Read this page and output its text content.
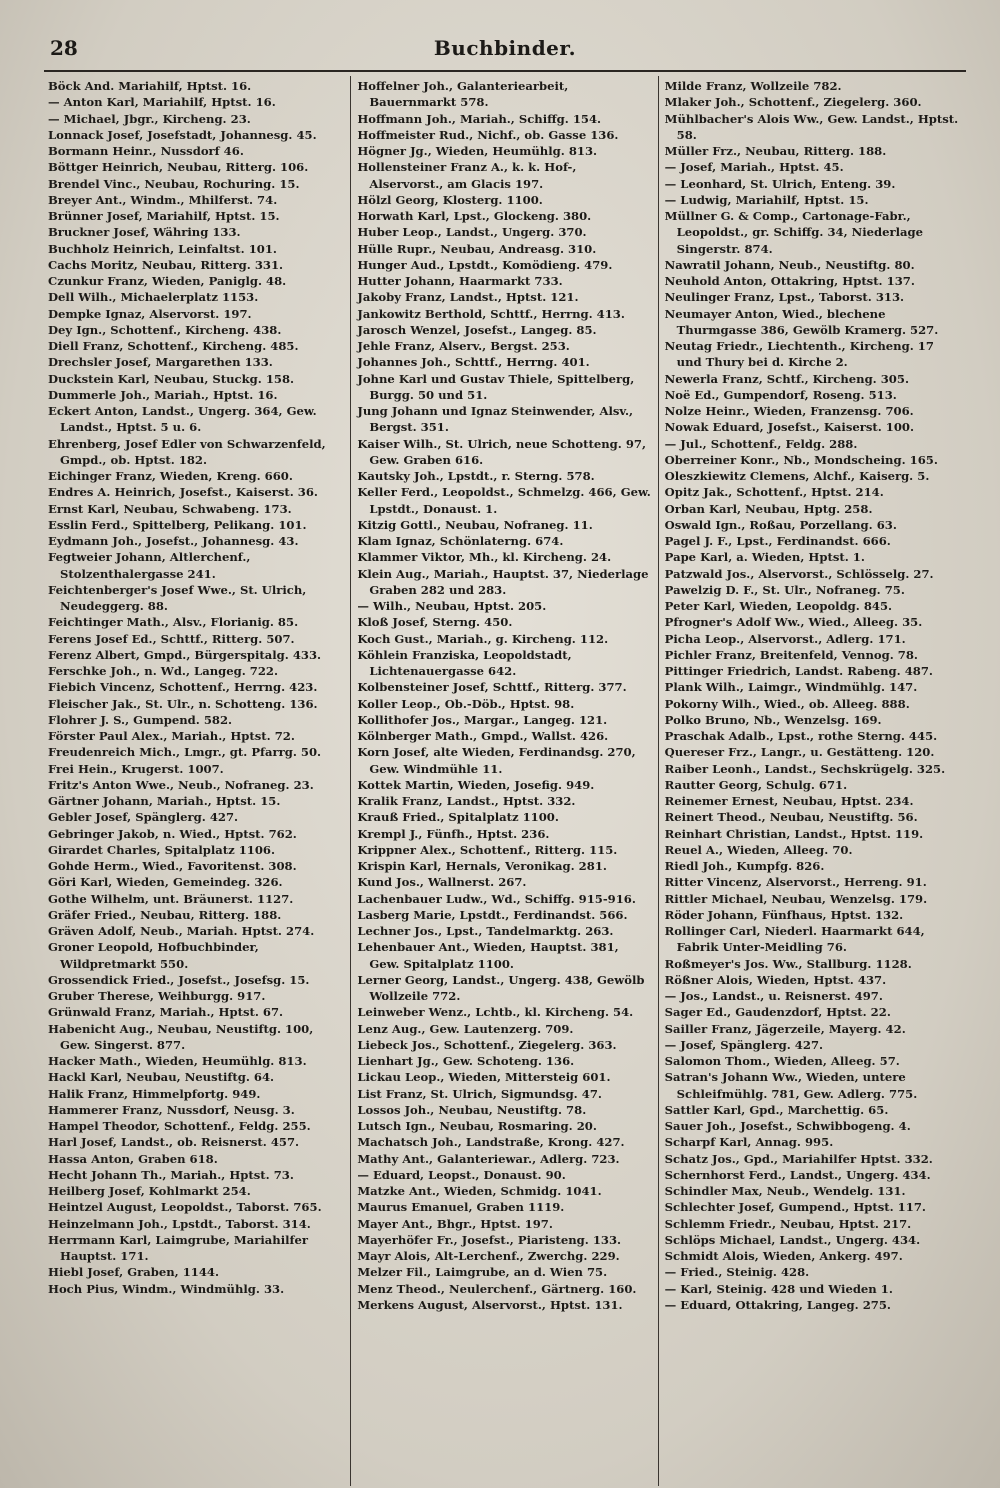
28	Buchbinder.
Böck And. Mariahilf, Hptst. 16.
— Anton Karl, Mariahilf, Hptst. 16.
— Michael, Jbgr., Kircheng. 23.
Lonnack Josef, Josefstadt, Johannesg. 45.
Bormann Heinr., Nussdorf 46.
Böttger Heinrich, Neubau, Ritterg. 106.
Brendel Vinc., Neubau, Rochuring. 15.
Breyer Ant., Windm., Mhilferst. 74.
Brünner Josef, Mariahilf, Hptst. 15.
Bruckner Josef, Währing 133.
Buchholz Heinrich, Leinfaltst. 101.
Cachs Moritz, Neubau, Ritterg. 331.
Czunkur Franz, Wieden, Paniglg. 48.
Dell Wilh., Michaelerplatz 1153.
Dempke Ignaz, Alservorst. 197.
Dey Ign., Schottenf., Kircheng. 438.
Diell Franz, Schottenf., Kircheng. 485.
Drechsler Josef, Margarethen 133.
Duckstein Karl, Neubau, Stuckg. 158.
Dummerle Joh., Mariah., Hptst. 16.
Eckert Anton, Landst., Ungerg. 364, Gew. Landst., Hptst. 5 u. 6.
Ehrenberg, Josef Edler von Schwarzenfeld, Gmpd., ob. Hptst. 182.
Eichinger Franz, Wieden, Kreng. 660.
Endres A. Heinrich, Josefst., Kaiserst. 36.
Ernst Karl, Neubau, Schwabeng. 173.
Esslin Ferd., Spittelberg, Pelikang. 101.
Eydmann Joh., Josefst., Johannesg. 43.
Fegtweier Johann, Altlerchenf., Stolzenthalergasse 241.
Feichtenberger's Josef Wwe., St. Ulrich, Neudeggerg. 88.
Feichtinger Math., Alsv., Florianig. 85.
Ferens Josef Ed., Schttf., Ritterg. 507.
Ferenz Albert, Gmpd., Bürgerspitalg. 433.
Ferschke Joh., n. Wd., Langeg. 722.
Fiebich Vincenz, Schottenf., Herrng. 423.
Fleischer Jak., St. Ulr., n. Schotteng. 136.
Flohrer J. S., Gumpend. 582.
Förster Paul Alex., Mariah., Hptst. 72.
Freudenreich Mich., Lmgr., gt. Pfarrg. 50.
Frei Hein., Krugerst. 1007.
Fritz's Anton Wwe., Neub., Nofraneg. 23.
Gärtner Johann, Mariah., Hptst. 15.
Gebler Josef, Spänglerg. 427.
Gebringer Jakob, n. Wied., Hptst. 762.
Girardet Charles, Spitalplatz 1106.
Gohde Herm., Wied., Favoritenst. 308.
Göri Karl, Wieden, Gemeindeg. 326.
Gothe Wilhelm, unt. Bräunerst. 1127.
Gräfer Fried., Neubau, Ritterg. 188.
Gräven Adolf, Neub., Mariah. Hptst. 274.
Groner Leopold, Hofbuchbinder, Wildpretmarkt 550.
Grossendick Fried., Josefst., Josefsg. 15.
Gruber Therese, Weihburgg. 917.
Grünwald Franz, Mariah., Hptst. 67.
Habenicht Aug., Neubau, Neustiftg. 100, Gew. Singerst. 877.
Hacker Math., Wieden, Heumühlg. 813.
Hackl Karl, Neubau, Neustiftg. 64.
Halik Franz, Himmelpfortg. 949.
Hammerer Franz, Nussdorf, Neusg. 3.
Hampel Theodor, Schottenf., Feldg. 255.
Harl Josef, Landst., ob. Reisnerst. 457.
Hassa Anton, Graben 618.
Hecht Johann Th., Mariah., Hptst. 73.
Heilberg Josef, Kohlmarkt 254.
Heintzel August, Leopoldst., Taborst. 765.
Heinzelmann Joh., Lpstdt., Taborst. 314.
Herrmann Karl, Laimgrube, Mariahilfer Hauptst. 171.
Hiebl Josef, Graben, 1144.
Hoch Pius, Windm., Windmühlg. 33.
Hoffelner Joh., Galanteriearbeit, Bauernmarkt 578.
Hoffmann Joh., Mariah., Schiffg. 154.
Hoffmeister Rud., Nichf., ob. Gasse 136.
Högner Jg., Wieden, Heumühlg. 813.
Hollensteiner Franz A., k. k. Hof-, Alservorst., am Glacis 197.
Hölzl Georg, Klosterg. 1100.
Horwath Karl, Lpst., Glockeng. 380.
Huber Leop., Landst., Ungerg. 370.
Hülle Rupr., Neubau, Andreasg. 310.
Hunger Aud., Lpstdt., Komödieng. 479.
Hutter Johann, Haarmarkt 733.
Jakoby Franz, Landst., Hptst. 121.
Jankowitz Berthold, Schttf., Herrng. 413.
Jarosch Wenzel, Josefst., Langeg. 85.
Jehle Franz, Alserv., Bergst. 253.
Johannes Joh., Schttf., Herrng. 401.
Johne Karl und Gustav Thiele, Spittelberg, Burgg. 50 und 51.
Jung Johann und Ignaz Steinwender, Alsv., Bergst. 351.
Kaiser Wilh., St. Ulrich, neue Schotteng. 97, Gew. Graben 616.
Kautsky Joh., Lpstdt., r. Sterng. 578.
Keller Ferd., Leopoldst., Schmelzg. 466, Gew. Lpstdt., Donaust. 1.
Kitzig Gottl., Neubau, Nofraneg. 11.
Klam Ignaz, Schönlaterng. 674.
Klammer Viktor, Mh., kl. Kircheng. 24.
Klein Aug., Mariah., Hauptst. 37, Niederlage Graben 282 und 283.
— Wilh., Neubau, Hptst. 205.
Kloß Josef, Sterng. 450.
Koch Gust., Mariah., g. Kircheng. 112.
Köhlein Franziska, Leopoldstadt, Lichtenauergasse 642.
Kolbensteiner Josef, Schttf., Ritterg. 377.
Koller Leop., Ob.-Döb., Hptst. 98.
Kollithofer Jos., Margar., Langeg. 121.
Kölnberger Math., Gmpd., Wallst. 426.
Korn Josef, alte Wieden, Ferdinandsg. 270, Gew. Windmühle 11.
Kottek Martin, Wieden, Josefig. 949.
Kralik Franz, Landst., Hptst. 332.
Krauß Fried., Spitalplatz 1100.
Krempl J., Fünfh., Hptst. 236.
Krippner Alex., Schottenf., Ritterg. 115.
Krispin Karl, Hernals, Veronikag. 281.
Kund Jos., Wallnerst. 267.
Lachenbauer Ludw., Wd., Schiffg. 915-916.
Lasberg Marie, Lpstdt., Ferdinandst. 566.
Lechner Jos., Lpst., Tandelmarktg. 263.
Lehenbauer Ant., Wieden, Hauptst. 381, Gew. Spitalplatz 1100.
Lerner Georg, Landst., Ungerg. 438, Gewölb Wollzeile 772.
Leinweber Wenz., Lchtb., kl. Kircheng. 54.
Lenz Aug., Gew. Lautenzerg. 709.
Liebeck Jos., Schottenf., Ziegelerg. 363.
Lienhart Jg., Gew. Schoteng. 136.
Lickau Leop., Wieden, Mittersteig 601.
List Franz, St. Ulrich, Sigmundsg. 47.
Lossos Joh., Neubau, Neustiftg. 78.
Lutsch Ign., Neubau, Rosmaring. 20.
Machatsch Joh., Landstraße, Krong. 427.
Mathy Ant., Galanteriewar., Adlerg. 723.
— Eduard, Leopst., Donaust. 90.
Matzke Ant., Wieden, Schmidg. 1041.
Maurus Emanuel, Graben 1119.
Mayer Ant., Bhgr., Hptst. 197.
Mayerhöfer Fr., Josefst., Piaristeng. 133.
Mayr Alois, Alt-Lerchenf., Zwerchg. 229.
Melzer Fil., Laimgrube, an d. Wien 75.
Menz Theod., Neulerchenf., Gärtnerg. 160.
Merkens August, Alservorst., Hptst. 131.
Milde Franz, Wollzeile 782.
Mlaker Joh., Schottenf., Ziegelerg. 360.
Mühlbacher's Alois Ww., Gew. Landst., Hptst. 58.
Müller Frz., Neubau, Ritterg. 188.
— Josef, Mariah., Hptst. 45.
— Leonhard, St. Ulrich, Enteng. 39.
— Ludwig, Mariahilf, Hptst. 15.
Müllner G. & Comp., Cartonage-Fabr., Leopoldst., gr. Schiffg. 34, Niederlage Singerstr. 874.
Nawratil Johann, Neub., Neustiftg. 80.
Neuhold Anton, Ottakring, Hptst. 137.
Neulinger Franz, Lpst., Taborst. 313.
Neumayer Anton, Wied., blechene Thurmgasse 386, Gewölb Kramerg. 527.
Neutag Friedr., Liechtenth., Kircheng. 17 und Thury bei d. Kirche 2.
Newerla Franz, Schtf., Kircheng. 305.
Noë Ed., Gumpendorf, Roseng. 513.
Nolze Heinr., Wieden, Franzensg. 706.
Nowak Eduard, Josefst., Kaiserst. 100.
— Jul., Schottenf., Feldg. 288.
Oberreiner Konr., Nb., Mondscheing. 165.
Oleszkiewitz Clemens, Alchf., Kaiserg. 5.
Opitz Jak., Schottenf., Hptst. 214.
Orban Karl, Neubau, Hptg. 258.
Oswald Ign., Roßau, Porzellang. 63.
Pagel J. F., Lpst., Ferdinandst. 666.
Pape Karl, a. Wieden, Hptst. 1.
Patzwald Jos., Alservorst., Schlösselg. 27.
Pawelzig D. F., St. Ulr., Nofraneg. 75.
Peter Karl, Wieden, Leopoldg. 845.
Pfrogner's Adolf Ww., Wied., Alleeg. 35.
Picha Leop., Alservorst., Adlerg. 171.
Pichler Franz, Breitenfeld, Vennog. 78.
Pittinger Friedrich, Landst. Rabeng. 487.
Plank Wilh., Laimgr., Windmühlg. 147.
Pokorny Wilh., Wied., ob. Alleeg. 888.
Polko Bruno, Nb., Wenzelsg. 169.
Praschak Adalb., Lpst., rothe Sterng. 445.
Quereser Frz., Langr., u. Gestätteng. 120.
Raiber Leonh., Landst., Sechskrügelg. 325.
Rautter Georg, Schulg. 671.
Reinemer Ernest, Neubau, Hptst. 234.
Reinert Theod., Neubau, Neustiftg. 56.
Reinhart Christian, Landst., Hptst. 119.
Reuel A., Wieden, Alleeg. 70.
Riedl Joh., Kumpfg. 826.
Ritter Vincenz, Alservorst., Herreng. 91.
Rittler Michael, Neubau, Wenzelsg. 179.
Röder Johann, Fünfhaus, Hptst. 132.
Rollinger Carl, Niederl. Haarmarkt 644, Fabrik Unter-Meidling 76.
Roßmeyer's Jos. Ww., Stallburg. 1128.
Rößner Alois, Wieden, Hptst. 437.
— Jos., Landst., u. Reisnerst. 497.
Sager Ed., Gaudenzdorf, Hptst. 22.
Sailler Franz, Jägerzeile, Mayerg. 42.
— Josef, Spänglerg. 427.
Salomon Thom., Wieden, Alleeg. 57.
Satran's Johann Ww., Wieden, untere Schleifmühlg. 781, Gew. Adlerg. 775.
Sattler Karl, Gpd., Marchettig. 65.
Sauer Joh., Josefst., Schwibbogeng. 4.
Scharpf Karl, Annag. 995.
Schatz Jos., Gpd., Mariahilfer Hptst. 332.
Schernhorst Ferd., Landst., Ungerg. 434.
Schindler Max, Neub., Wendelg. 131.
Schlechter Josef, Gumpend., Hptst. 117.
Schlemm Friedr., Neubau, Hptst. 217.
Schlöps Michael, Landst., Ungerg. 434.
Schmidt Alois, Wieden, Ankerg. 497.
— Fried., Steinig. 428.
— Karl, Steinig. 428 und Wieden 1.
— Eduard, Ottakring, Langeg. 275.
